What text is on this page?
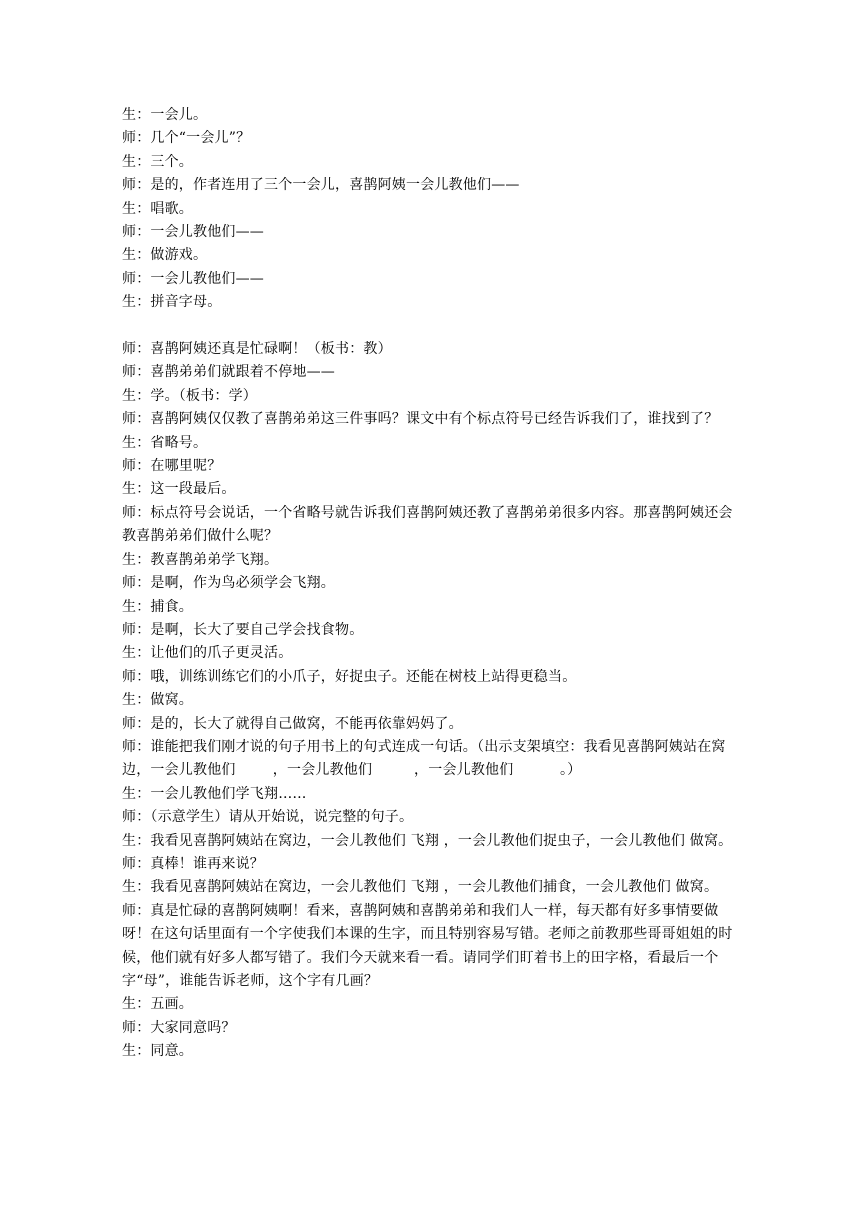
生：一会儿。

师：几个“一会儿”？

生：三个。

师：是的，作者连用了三个一会儿，喜鹊阿姨一会儿教他们——

生：唱歌。

师：一会儿教他们——

生：做游戏。

师：一会儿教他们——

生：拼音字母。

师：喜鹊阿姨还真是忙碌啊！（板书：教）

师：喜鹊弟弟们就跟着不停地——

生：学。（板书：学）

师：喜鹊阿姨仅仅教了喜鹊弟弟这三件事吗？课文中有个标点符号已经告诉我们了，谁找到了？

生：省略号。

师：在哪里呢？

生：这一段最后。

师：标点符号会说话，一个省略号就告诉我们喜鹊阿姨还教了喜鹊弟弟很多内容。那喜鹊阿姨还会教喜鹊弟弟们做什么呢？

生：教喜鹊弟弟学飞翔。

师：是啊，作为鸟必须学会飞翔。

生：捕食。

师：是啊，长大了要自己学会找食物。

生：让他们的爪子更灵活。

师：哦，训练训练它们的小爪子，好捉虫子。还能在树枝上站得更稳当。

生：做窝。

师：是的，长大了就得自己做窝，不能再依靠妈妈了。

师：谁能把我们刚才说的句子用书上的句式连成一句话。（出示支架填空：我看见喜鹊阿姨站在窝边，一会儿教他们        ，一会儿教他们         ，一会儿教他们          。）

生：一会儿教他们学飞翔……

师：（示意学生）请从开始说，说完整的句子。

生：我看见喜鹊阿姨站在窝边，一会儿教他们 飞翔 ，一会儿教他们捉虫子，一会儿教他们 做窝。

师：真棒！谁再来说？

生：我看见喜鹊阿姨站在窝边，一会儿教他们 飞翔 ，一会儿教他们捕食，一会儿教他们 做窝。

师：真是忙碌的喜鹊阿姨啊！看来，喜鹊阿姨和喜鹊弟弟和我们人一样，每天都有好多事情要做呀！在这句话里面有一个字使我们本课的生字，而且特别容易写错。老师之前教那些哥哥姐姐的时候，他们就有好多人都写错了。我们今天就来看一看。请同学们盯着书上的田字格，看最后一个字“母”，谁能告诉老师，这个字有几画？

生：五画。

师：大家同意吗？

生：同意。
